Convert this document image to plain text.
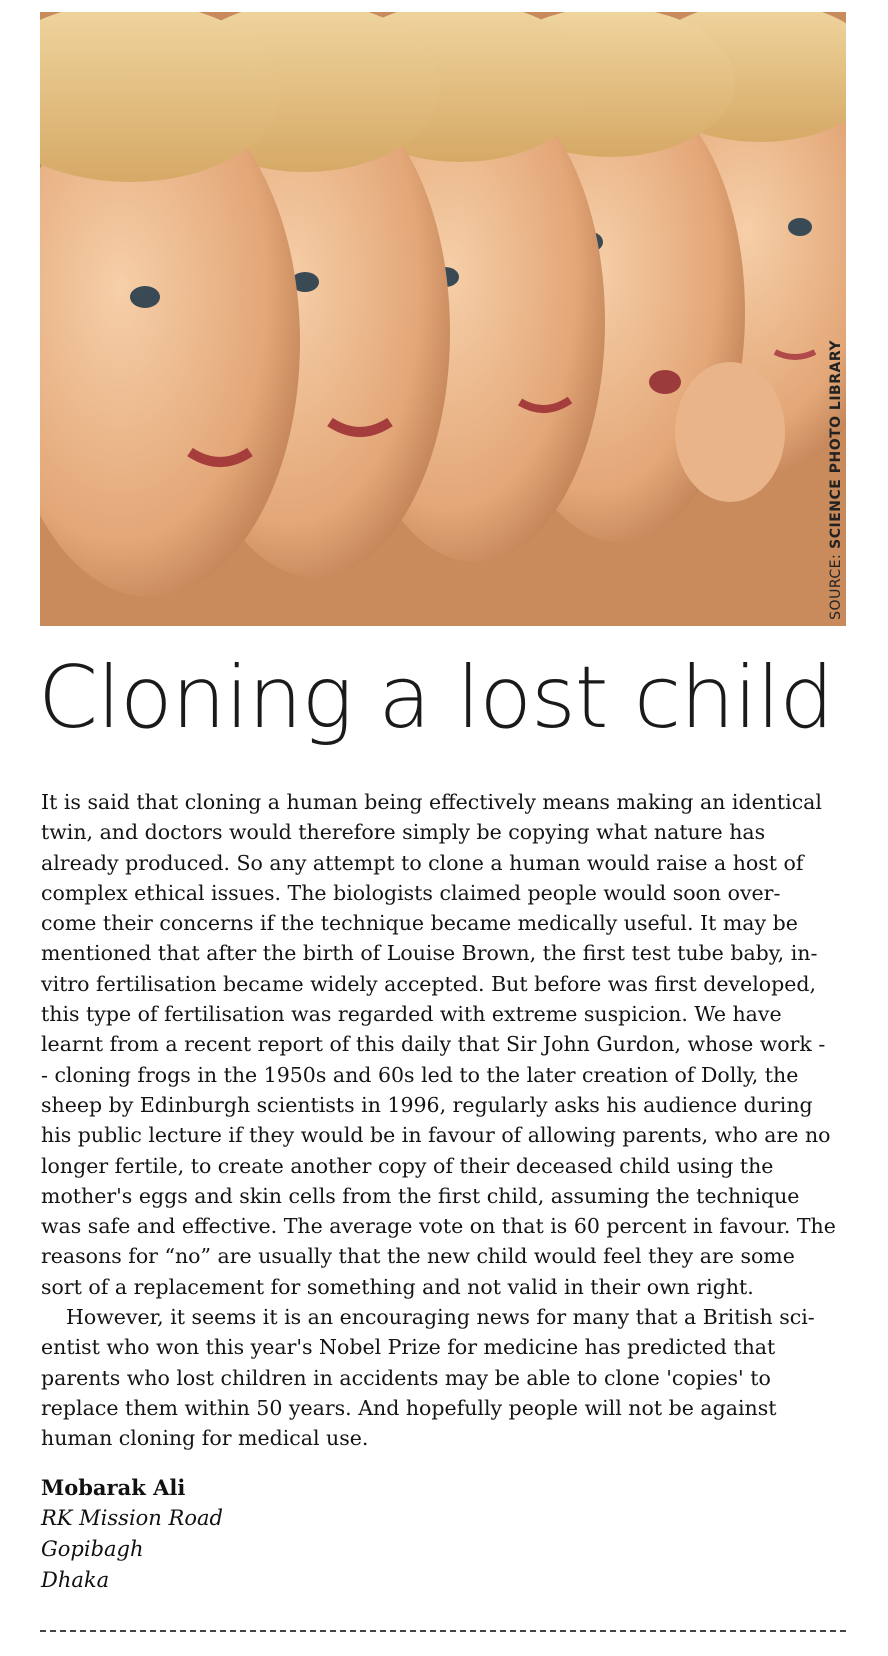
SOURCE: SCIENCE PHOTO LIBRARY
Cloning a lost child
It is said that cloning a human being effectively means making an identical
twin, and doctors would therefore simply be copying what nature has
already produced. So any attempt to clone a human would raise a host of
complex ethical issues. The biologists claimed people would soon over-
come their concerns if the technique became medically useful. It may be
mentioned that after the birth of Louise Brown, the first test tube baby, in-
vitro fertilisation became widely accepted. But before was first developed,
this type of fertilisation was regarded with extreme suspicion. We have
learnt from a recent report of this daily that Sir John Gurdon, whose work -
- cloning frogs in the 1950s and 60s led to the later creation of Dolly, the
sheep by Edinburgh scientists in 1996, regularly asks his audience during
his public lecture if they would be in favour of allowing parents, who are no
longer fertile, to create another copy of their deceased child using the
mother's eggs and skin cells from the first child, assuming the technique
was safe and effective. The average vote on that is 60 percent in favour. The
reasons for “no” are usually that the new child would feel they are some
sort of a replacement for something and not valid in their own right.
However, it seems it is an encouraging news for many that a British sci-
entist who won this year's Nobel Prize for medicine has predicted that
parents who lost children in accidents may be able to clone 'copies' to
replace them within 50 years. And hopefully people will not be against
human cloning for medical use.
Mobarak Ali
RK Mission Road
Gopibagh
Dhaka
